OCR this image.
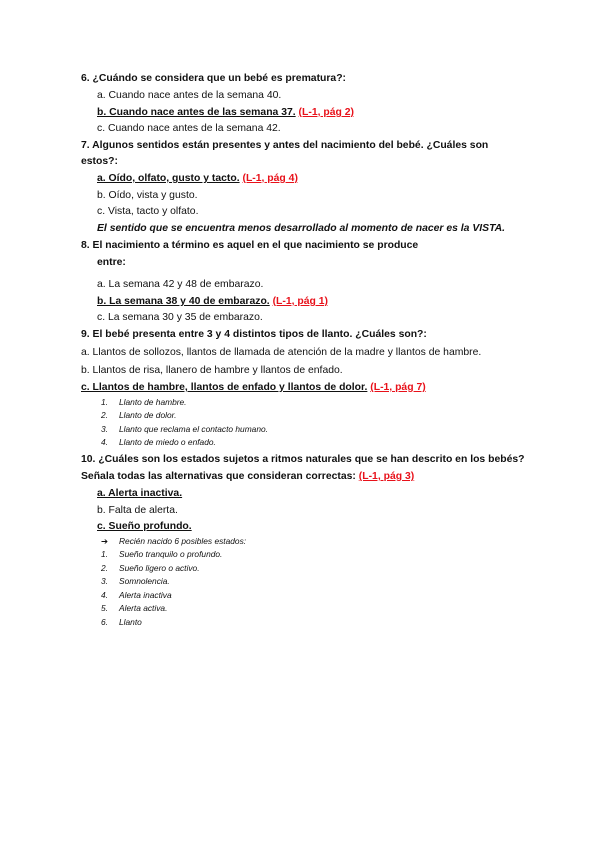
6. ¿Cuándo se considera que un bebé es prematura?:
a. Cuando nace antes de la semana 40.
b. Cuando nace antes de las semana 37. (L-1, pág 2)
c. Cuando nace antes de la semana 42.
7. Algunos sentidos están presentes y antes del nacimiento del bebé. ¿Cuáles son
estos?:
a. Oído, olfato, gusto y tacto. (L-1, pág 4)
b. Oído, vista y gusto.
c. Vista, tacto y olfato.
El sentido que se encuentra menos desarrollado al momento de nacer es la VISTA.
8. El nacimiento a término es aquel en el que nacimiento se produce
entre:
a. La semana 42 y 48 de embarazo.
b. La semana 38 y 40 de embarazo. (L-1, pág 1)
c. La semana 30 y 35 de embarazo.
9. El bebé presenta entre 3 y 4 distintos tipos de llanto. ¿Cuáles son?:
a. Llantos de sollozos, llantos de llamada de atención de la madre y llantos de hambre.
b. Llantos de risa, llanero de hambre y llantos de enfado.
c. Llantos de hambre, llantos de enfado y llantos de dolor. (L-1, pág 7)
1. Llanto de hambre.
2. Llanto de dolor.
3. Llanto que reclama el contacto humano.
4. Llanto de miedo o enfado.
10. ¿Cuáles son los estados sujetos a ritmos naturales que se han descrito en los bebés?
Señala todas las alternativas que consideran correctas: (L-1, pág 3)
a. Alerta inactiva.
b. Falta de alerta.
c. Sueño profundo.
➔ Recién nacido 6 posibles estados:
1. Sueño tranquilo o profundo.
2. Sueño ligero o activo.
3. Somnolencia.
4. Alerta inactiva
5. Alerta activa.
6. Llanto
